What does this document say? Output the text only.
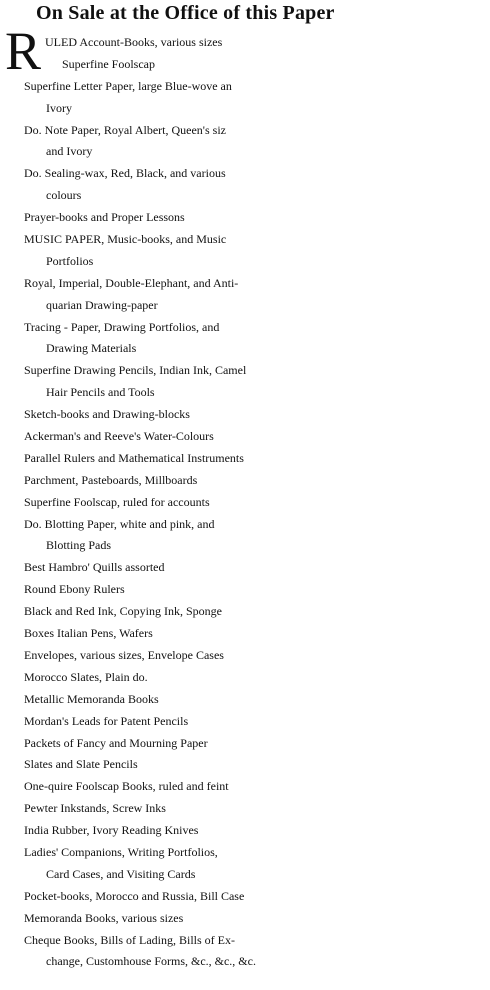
On Sale at the Office of this Paper
R ULED Account-Books, various sizes
Superfine Foolscap
Superfine Letter Paper, large Blue-wove an
Ivory
Do. Note Paper, Royal Albert, Queen's siz
and Ivory
Do. Sealing-wax, Red, Black, and various
colours
Prayer-books and Proper Lessons
MUSIC PAPER, Music-books, and Music
Portfolios
Royal, Imperial, Double-Elephant, and Anti-
quarian Drawing-paper
Tracing - Paper, Drawing Portfolios, and
Drawing Materials
Superfine Drawing Pencils, Indian Ink, Camel
Hair Pencils and Tools
Sketch-books and Drawing-blocks
Ackerman's and Reeve's Water-Colours
Parallel Rulers and Mathematical Instruments
Parchment, Pasteboards, Millboards
Superfine Foolscap, ruled for accounts
Do. Blotting Paper, white and pink, and
Blotting Pads
Best Hambro' Quills assorted
Round Ebony Rulers
Black and Red Ink, Copying Ink, Sponge
Boxes Italian Pens, Wafers
Envelopes, various sizes, Envelope Cases
Morocco Slates, Plain do.
Metallic Memoranda Books
Mordan's Leads for Patent Pencils
Packets of Fancy and Mourning Paper
Slates and Slate Pencils
One-quire Foolscap Books, ruled and feint
Pewter Inkstands, Screw Inks
India Rubber, Ivory Reading Knives
Ladies' Companions, Writing Portfolios,
Card Cases, and Visiting Cards
Pocket-books, Morocco and Russia, Bill Case
Memoranda Books, various sizes
Cheque Books, Bills of Lading, Bills of Ex-
change, Customhouse Forms, &c., &c., &c.
